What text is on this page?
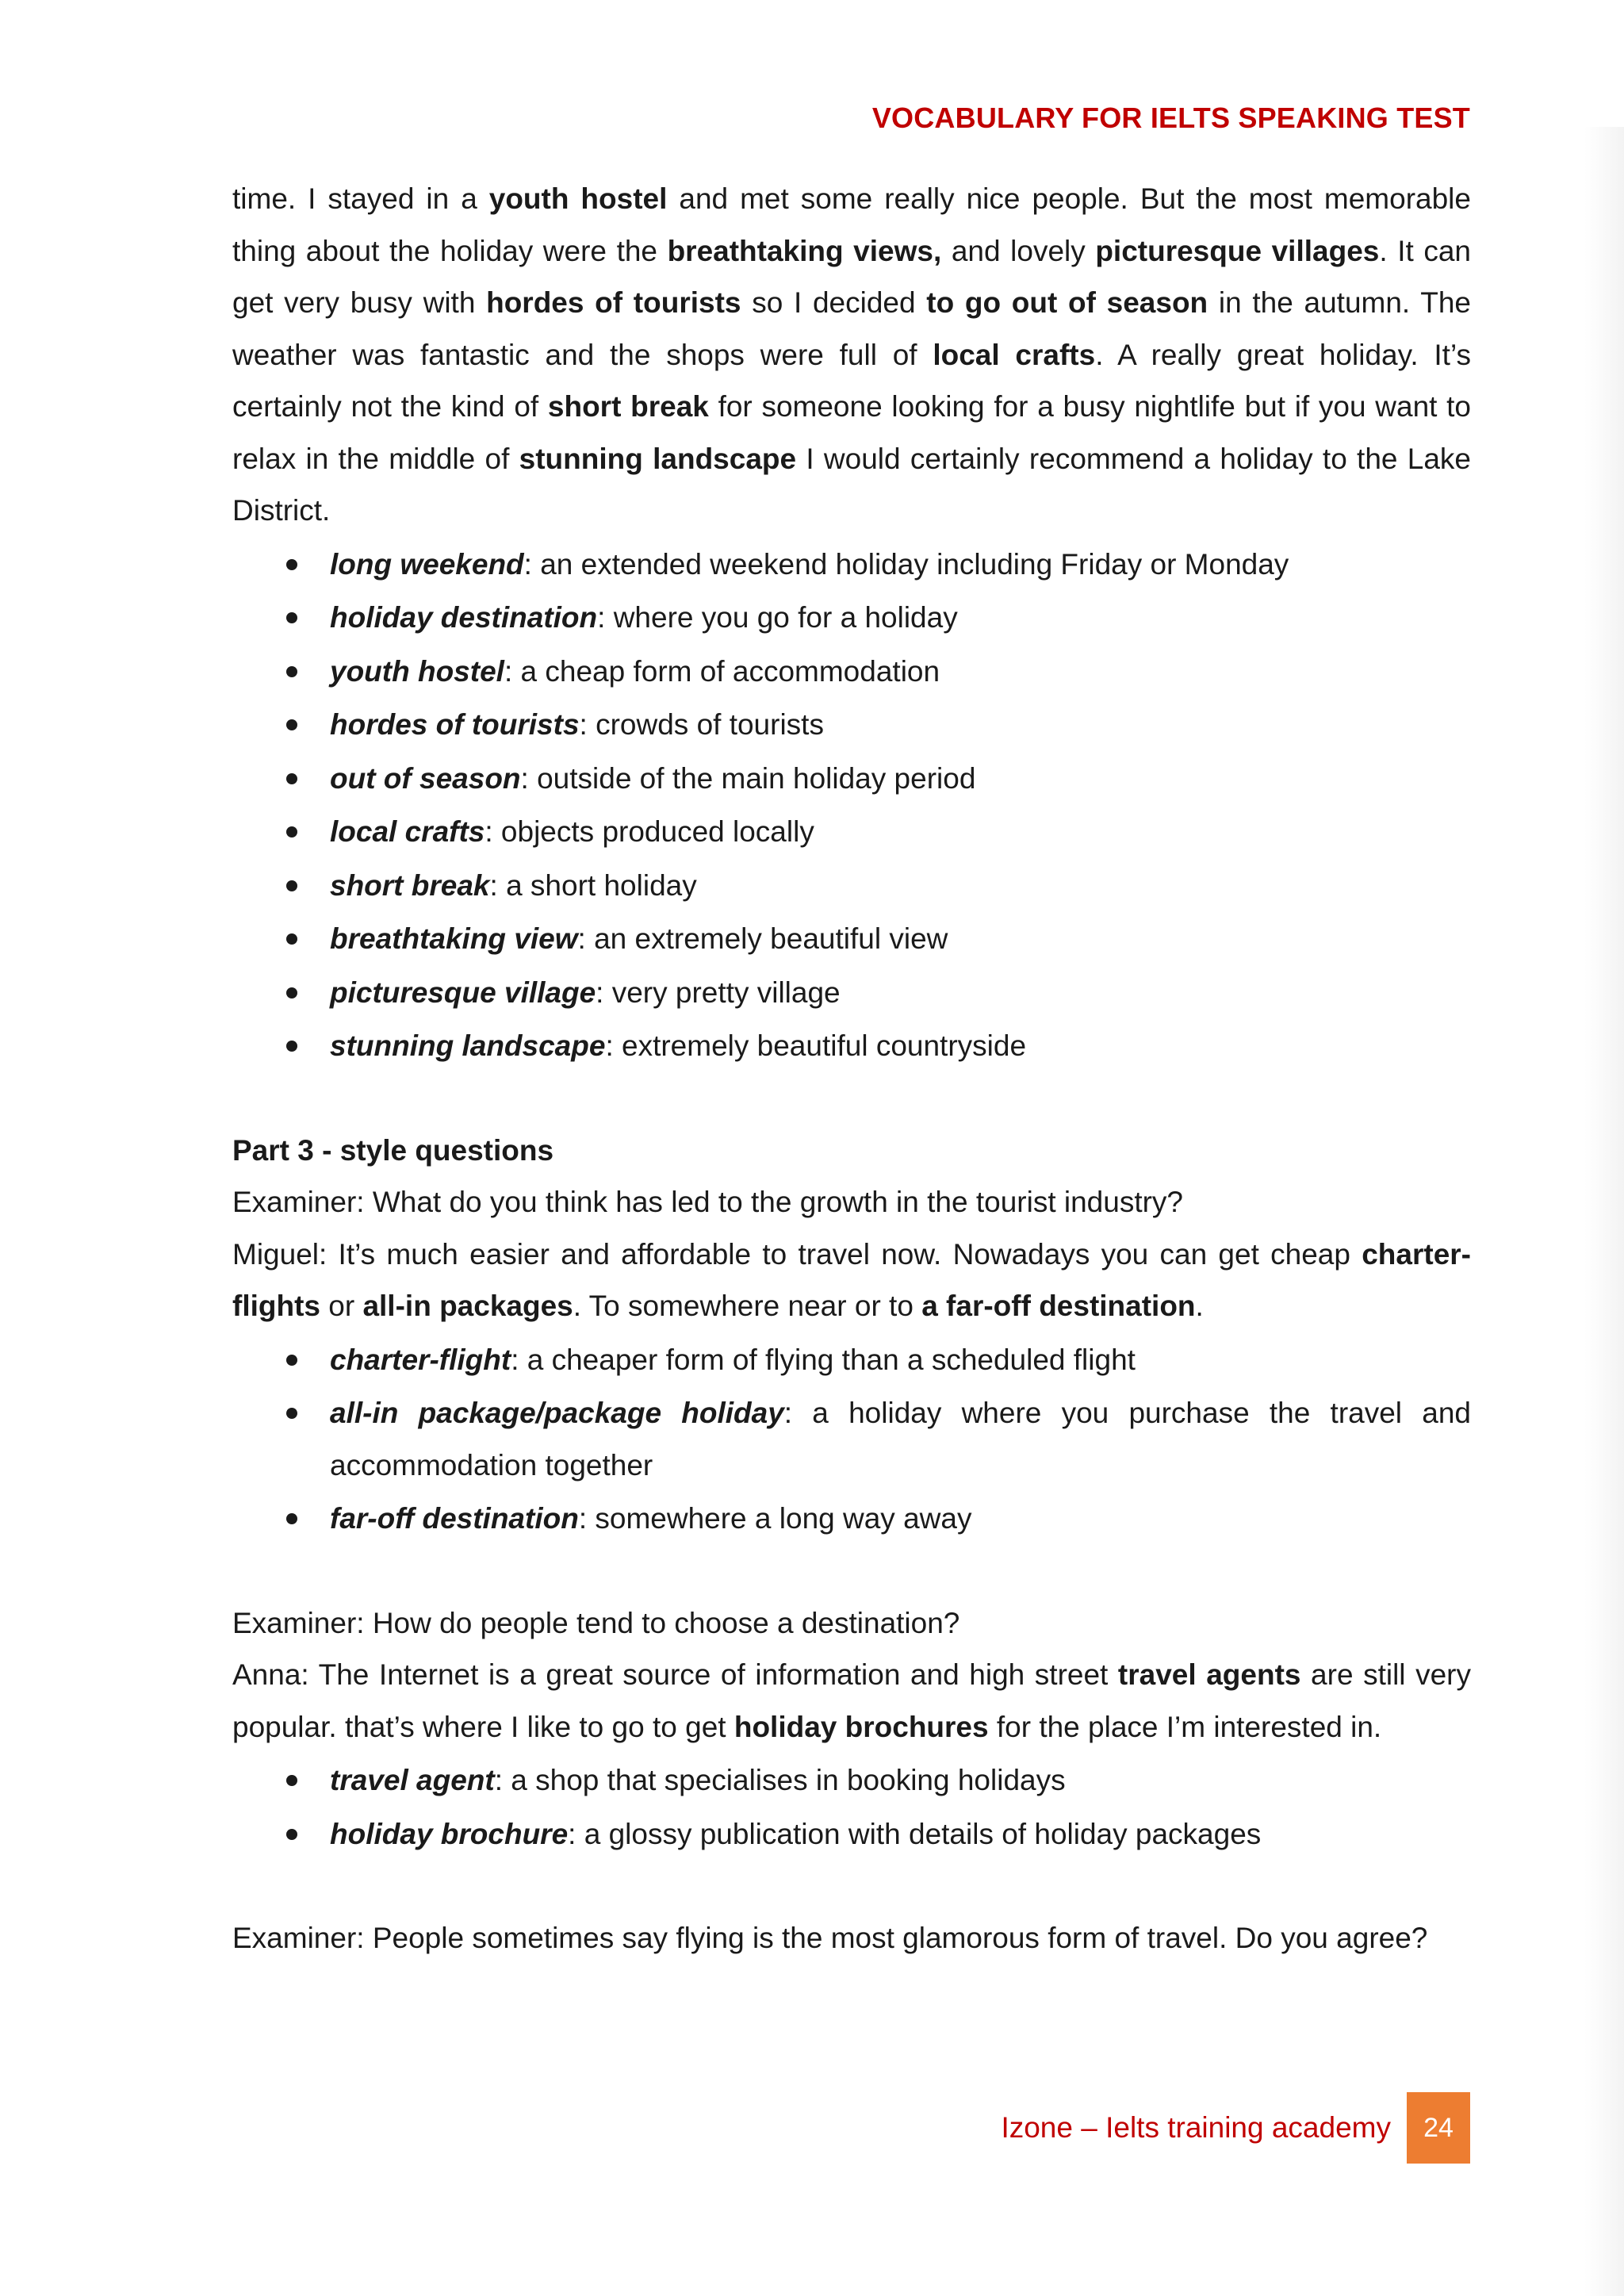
VOCABULARY FOR IELTS SPEAKING TEST

time. I stayed in a youth hostel and met some really nice people. But the most memorable thing about the holiday were the breathtaking views, and lovely picturesque villages. It can get very busy with hordes of tourists so I decided to go out of season in the autumn. The weather was fantastic and the shops were full of local crafts. A really great holiday. It’s certainly not the kind of short break for someone looking for a busy nightlife but if you want to relax in the middle of stunning landscape I would certainly recommend a holiday to the Lake District.

long weekend: an extended weekend holiday including Friday or Monday
holiday destination: where you go for a holiday
youth hostel: a cheap form of accommodation
hordes of tourists: crowds of tourists
out of season: outside of the main holiday period
local crafts: objects produced locally
short break: a short holiday
breathtaking view: an extremely beautiful view
picturesque village: very pretty village
stunning landscape: extremely beautiful countryside

Part 3 - style questions

Examiner: What do you think has led to the growth in the tourist industry?

Miguel: It’s much easier and affordable to travel now. Nowadays you can get cheap charter-flights or all-in packages. To somewhere near or to a far-off destination.

charter-flight: a cheaper form of flying than a scheduled flight
all-in package/package holiday: a holiday where you purchase the travel and accommodation together
far-off destination: somewhere a long way away

Examiner: How do people tend to choose a destination?

Anna: The Internet is a great source of information and high street travel agents are still very popular. that’s where I like to go to get holiday brochures for the place I’m interested in.

travel agent: a shop that specialises in booking holidays
holiday brochure: a glossy publication with details of holiday packages

Examiner: People sometimes say flying is the most glamorous form of travel. Do you agree?

Izone – Ielts training academy	24
